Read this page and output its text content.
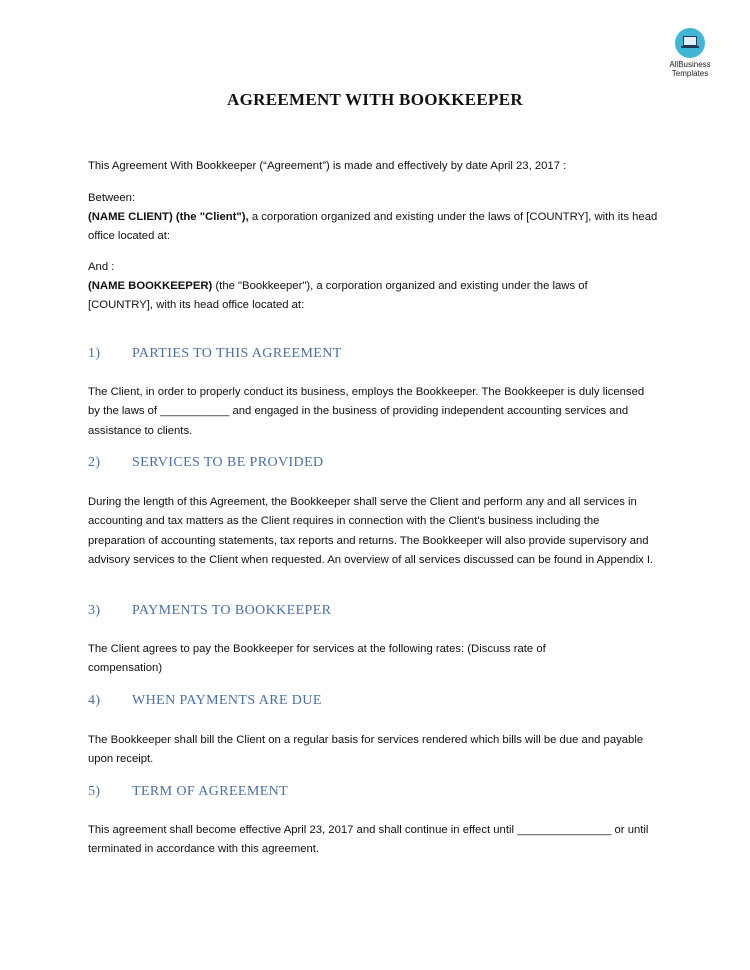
AllBusiness
Templates
AGREEMENT WITH BOOKKEEPER
This Agreement With Bookkeeper (“Agreement”) is made and effectively by date April 23, 2017 :
Between:
(NAME CLIENT) (the "Client"), a corporation organized and existing under the laws of [COUNTRY], with its head office located at:
And :
(NAME BOOKKEEPER) (the "Bookkeeper"), a corporation organized and existing under the laws of [COUNTRY], with its head office located at:
1) PARTIES TO THIS AGREEMENT
The Client, in order to properly conduct its business, employs the Bookkeeper. The Bookkeeper is duly licensed by the laws of ___________ and engaged in the business of providing independent accounting services and assistance to clients.
2) SERVICES TO BE PROVIDED
During the length of this Agreement, the Bookkeeper shall serve the Client and perform any and all services in accounting and tax matters as the Client requires in connection with the Client's business including the preparation of accounting statements, tax reports and returns. The Bookkeeper will also provide supervisory and advisory services to the Client when requested. An overview of all services discussed can be found in Appendix I.
3) PAYMENTS TO BOOKKEEPER
The Client agrees to pay the Bookkeeper for services at the following rates: (Discuss rate of compensation)
4) WHEN PAYMENTS ARE DUE
The Bookkeeper shall bill the Client on a regular basis for services rendered which bills will be due and payable upon receipt.
5) TERM OF AGREEMENT
This agreement shall become effective April 23, 2017 and shall continue in effect until _______________ or until terminated in accordance with this agreement.
